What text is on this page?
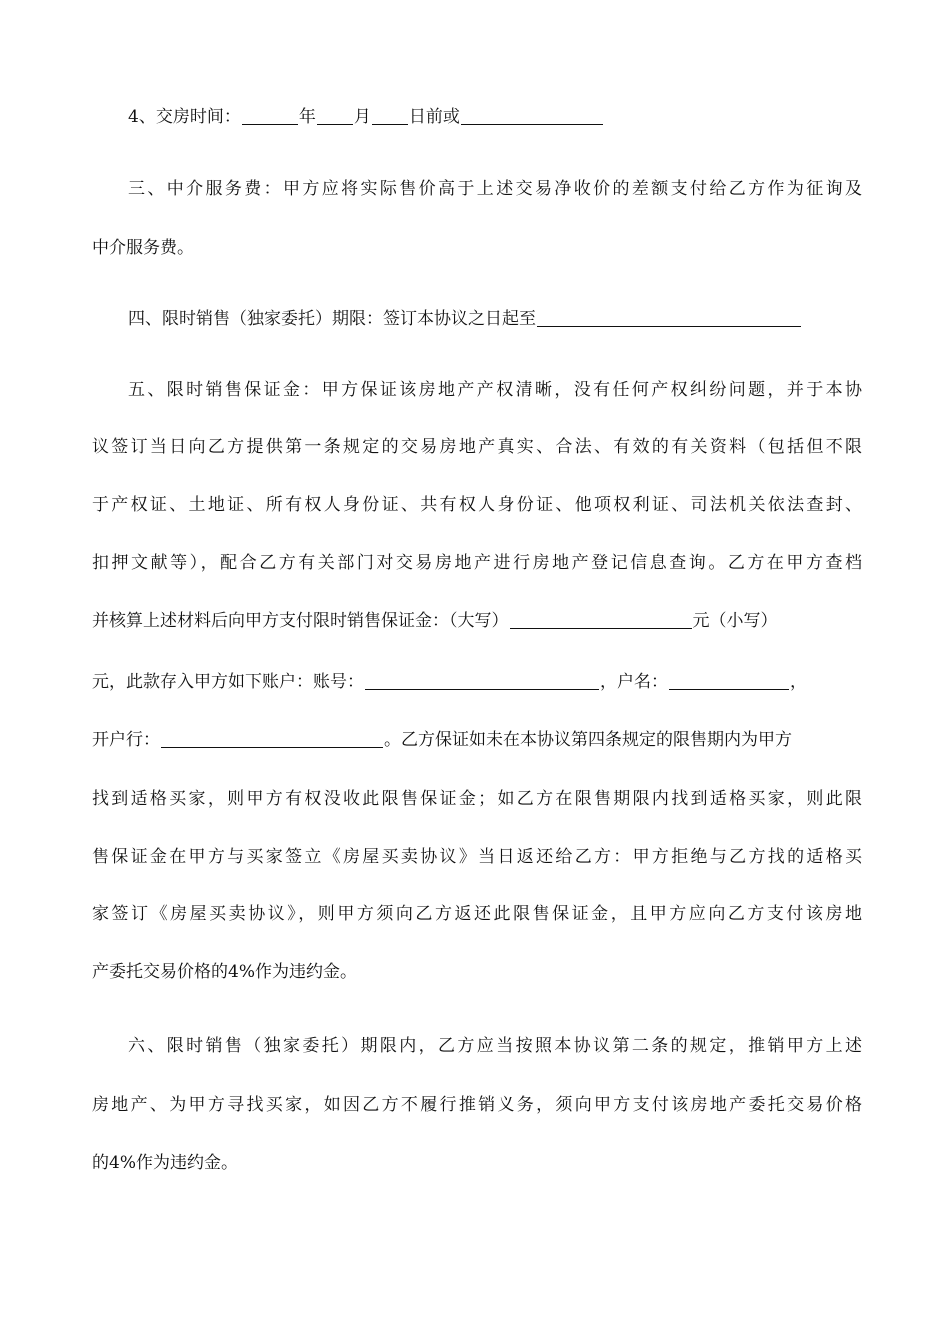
4、交房时间：	年 月 日前或
三、中介服务费：甲方应将实际售价高于上述交易净收价的差额支付给乙方作为征询及
中介服务费。
四、限时销售（独家委托）期限：签订本协议之日起至
五、限时销售保证金：甲方保证该房地产产权清晰，没有任何产权纠纷问题，并于本协
议签订当日向乙方提供第一条规定的交易房地产真实、合法、有效的有关资料（包括但不限
于产权证、土地证、所有权人身份证、共有权人身份证、他项权利证、司法机关依法查封、
扣押文献等），配合乙方有关部门对交易房地产进行房地产登记信息查询。乙方在甲方查档
并核算上述材料后向甲方支付限时销售保证金：（大写）	元（小写）
元，此款存入甲方如下账户：账号：	，户名：	，
开户行：	。乙方保证如未在本协议第四条规定的限售期内为甲方
找到适格买家，则甲方有权没收此限售保证金；如乙方在限售期限内找到适格买家，则此限
售保证金在甲方与买家签立《房屋买卖协议》当日返还给乙方：甲方拒绝与乙方找的适格买
家签订《房屋买卖协议》，则甲方须向乙方返还此限售保证金，且甲方应向乙方支付该房地
产委托交易价格的4%作为违约金。
六、限时销售（独家委托）期限内，乙方应当按照本协议第二条的规定，推销甲方上述
房地产、为甲方寻找买家，如因乙方不履行推销义务，须向甲方支付该房地产委托交易价格
的4%作为违约金。
